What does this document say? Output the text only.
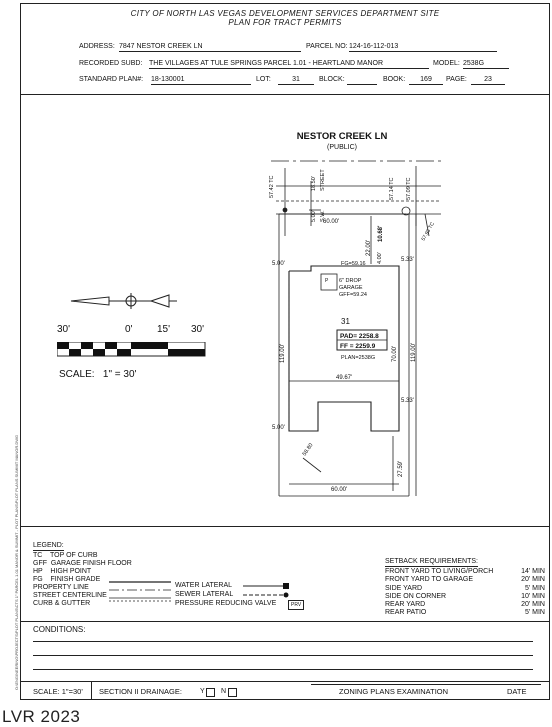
O:\ENGINEERING\PROJECTS\PLOT PLANS\CTS 1" PARCEL 1.01 MANOR & SUMMIT - PLOT PLANS\PLOT PLANS SUMMIT MANOR.DWG
CITY OF NORTH LAS VEGAS DEVELOPMENT SERVICES DEPARTMENT SITE
PLAN FOR TRACT PERMITS
ADDRESS: 7847 NESTOR CREEK LN	PARCEL NO: 124-16-112-013
RECORDED SUBD: THE VILLAGES AT TULE SPRINGS PARCEL 1.01 - HEARTLAND MANOR	MODEL: 2538G
STANDARD PLAN#: 18-130001	LOT:	31	BLOCK:	BOOK:	169	PAGE:	23
NESTOR CREEK LN
(PUBLIC)
57.42 TC
5.00' S.W.
18.50' STREET	57.14 TC 57.09 TC
57.93 TC
4.00'
22.00'
10.68'
119.00'	119.00'
70.00'
27.59'
60.00'
60.00'
49.67'
5.00'
5.33'
5.00'
5.33'
FG=59.16
6" DROP
GARAGE
GFF=59.24
31
PAD= 2258.8
FF = 2259.9
PLAN=2538G
58.80
P
30'	0' 15' 30'
SCALE:   1" = 30'
LEGEND:
TC    TOP OF CURB
GFF  GARAGE FINISH FLOOR
HP    HIGH POINT
FG    FINISH GRADE
PROPERTY LINE
STREET CENTERLINE
CURB & GUTTER
WATER LATERAL
SEWER LATERAL
PRESSURE REDUCING VALVE	PRV
SETBACK REQUIREMENTS:
FRONT YARD TO LIVING/PORCH	14' MIN
FRONT YARD TO GARAGE	20' MIN
SIDE YARD	5' MIN
SIDE ON CORNER	10' MIN
REAR YARD	20' MIN
REAR PATIO	5' MIN
CONDITIONS:
SCALE: 1"=30' SECTION II DRAINAGE:	Y N	ZONING PLANS EXAMINATION	DATE
LVR 2023
